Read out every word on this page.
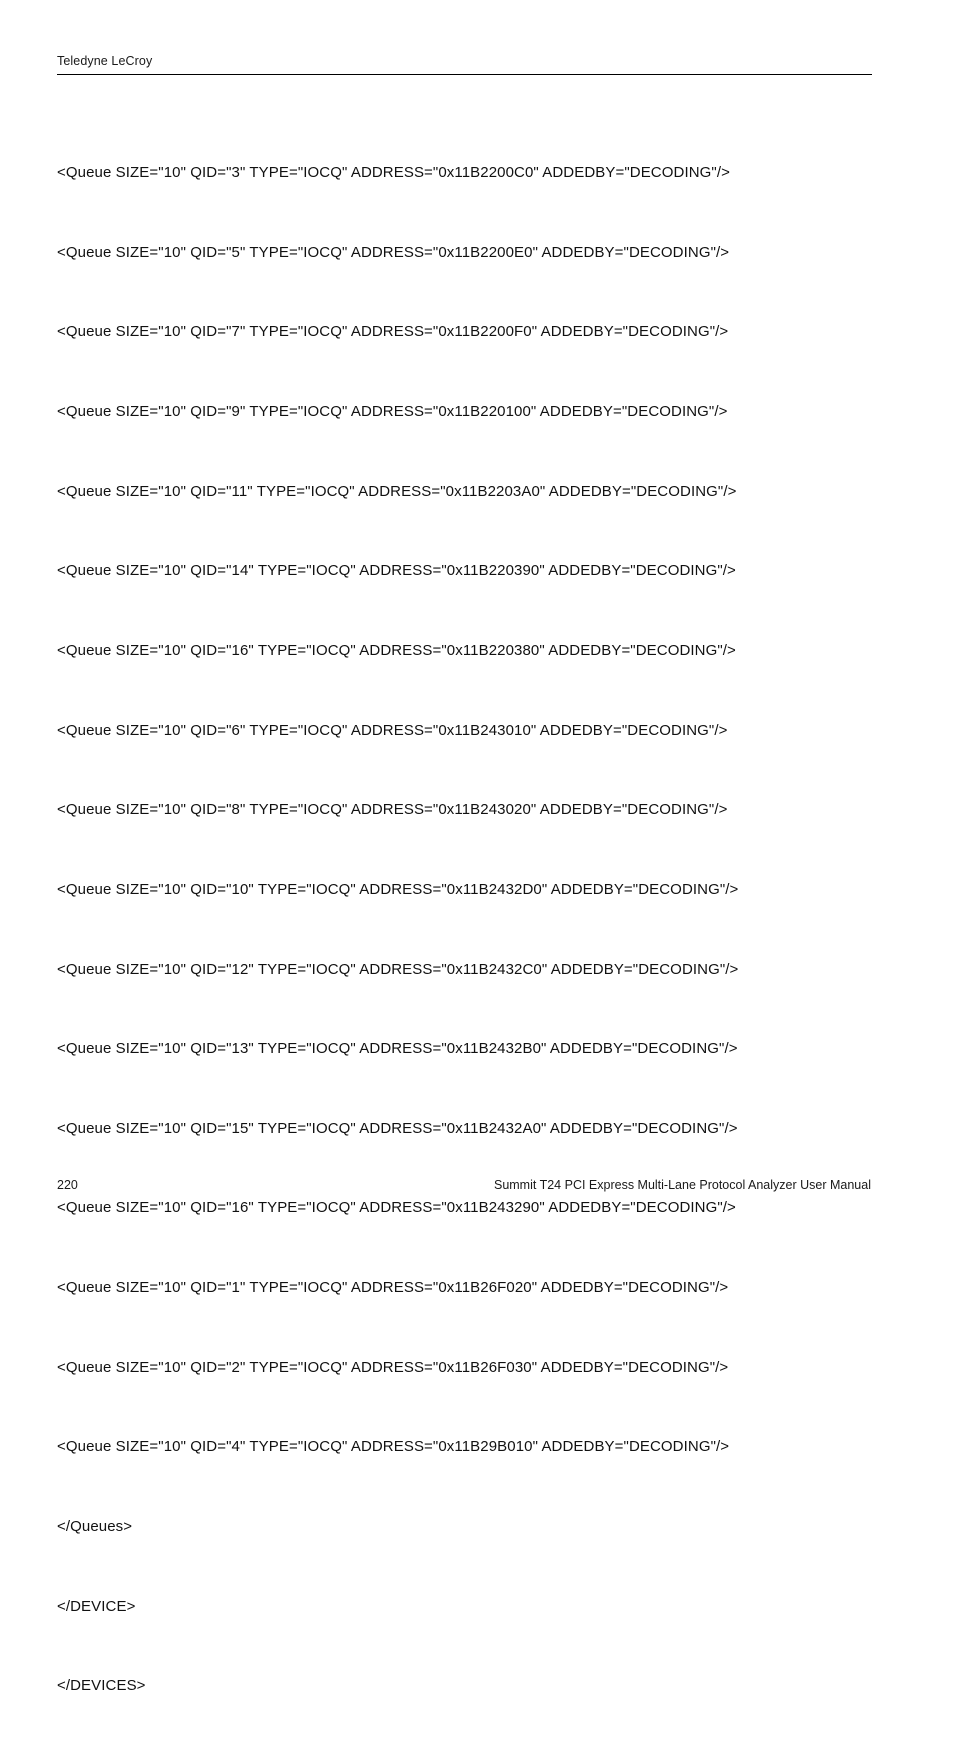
Teledyne LeCroy

<Queue SIZE="10" QID="3" TYPE="IOCQ" ADDRESS="0x11B2200C0" ADDEDBY="DECODING"/>

<Queue SIZE="10" QID="5" TYPE="IOCQ" ADDRESS="0x11B2200E0" ADDEDBY="DECODING"/>

<Queue SIZE="10" QID="7" TYPE="IOCQ" ADDRESS="0x11B2200F0" ADDEDBY="DECODING"/>

<Queue SIZE="10" QID="9" TYPE="IOCQ" ADDRESS="0x11B220100" ADDEDBY="DECODING"/>

<Queue SIZE="10" QID="11" TYPE="IOCQ" ADDRESS="0x11B2203A0" ADDEDBY="DECODING"/>

<Queue SIZE="10" QID="14" TYPE="IOCQ" ADDRESS="0x11B220390" ADDEDBY="DECODING"/>

<Queue SIZE="10" QID="16" TYPE="IOCQ" ADDRESS="0x11B220380" ADDEDBY="DECODING"/>

<Queue SIZE="10" QID="6" TYPE="IOCQ" ADDRESS="0x11B243010" ADDEDBY="DECODING"/>

<Queue SIZE="10" QID="8" TYPE="IOCQ" ADDRESS="0x11B243020" ADDEDBY="DECODING"/>

<Queue SIZE="10" QID="10" TYPE="IOCQ" ADDRESS="0x11B2432D0" ADDEDBY="DECODING"/>

<Queue SIZE="10" QID="12" TYPE="IOCQ" ADDRESS="0x11B2432C0" ADDEDBY="DECODING"/>

<Queue SIZE="10" QID="13" TYPE="IOCQ" ADDRESS="0x11B2432B0" ADDEDBY="DECODING"/>

<Queue SIZE="10" QID="15" TYPE="IOCQ" ADDRESS="0x11B2432A0" ADDEDBY="DECODING"/>

<Queue SIZE="10" QID="16" TYPE="IOCQ" ADDRESS="0x11B243290" ADDEDBY="DECODING"/>

<Queue SIZE="10" QID="1" TYPE="IOCQ" ADDRESS="0x11B26F020" ADDEDBY="DECODING"/>

<Queue SIZE="10" QID="2" TYPE="IOCQ" ADDRESS="0x11B26F030" ADDEDBY="DECODING"/>

<Queue SIZE="10" QID="4" TYPE="IOCQ" ADDRESS="0x11B29B010" ADDEDBY="DECODING"/>

</Queues>

</DEVICE>

</DEVICES>

220	Summit T24 PCI Express Multi-Lane Protocol Analyzer User Manual
